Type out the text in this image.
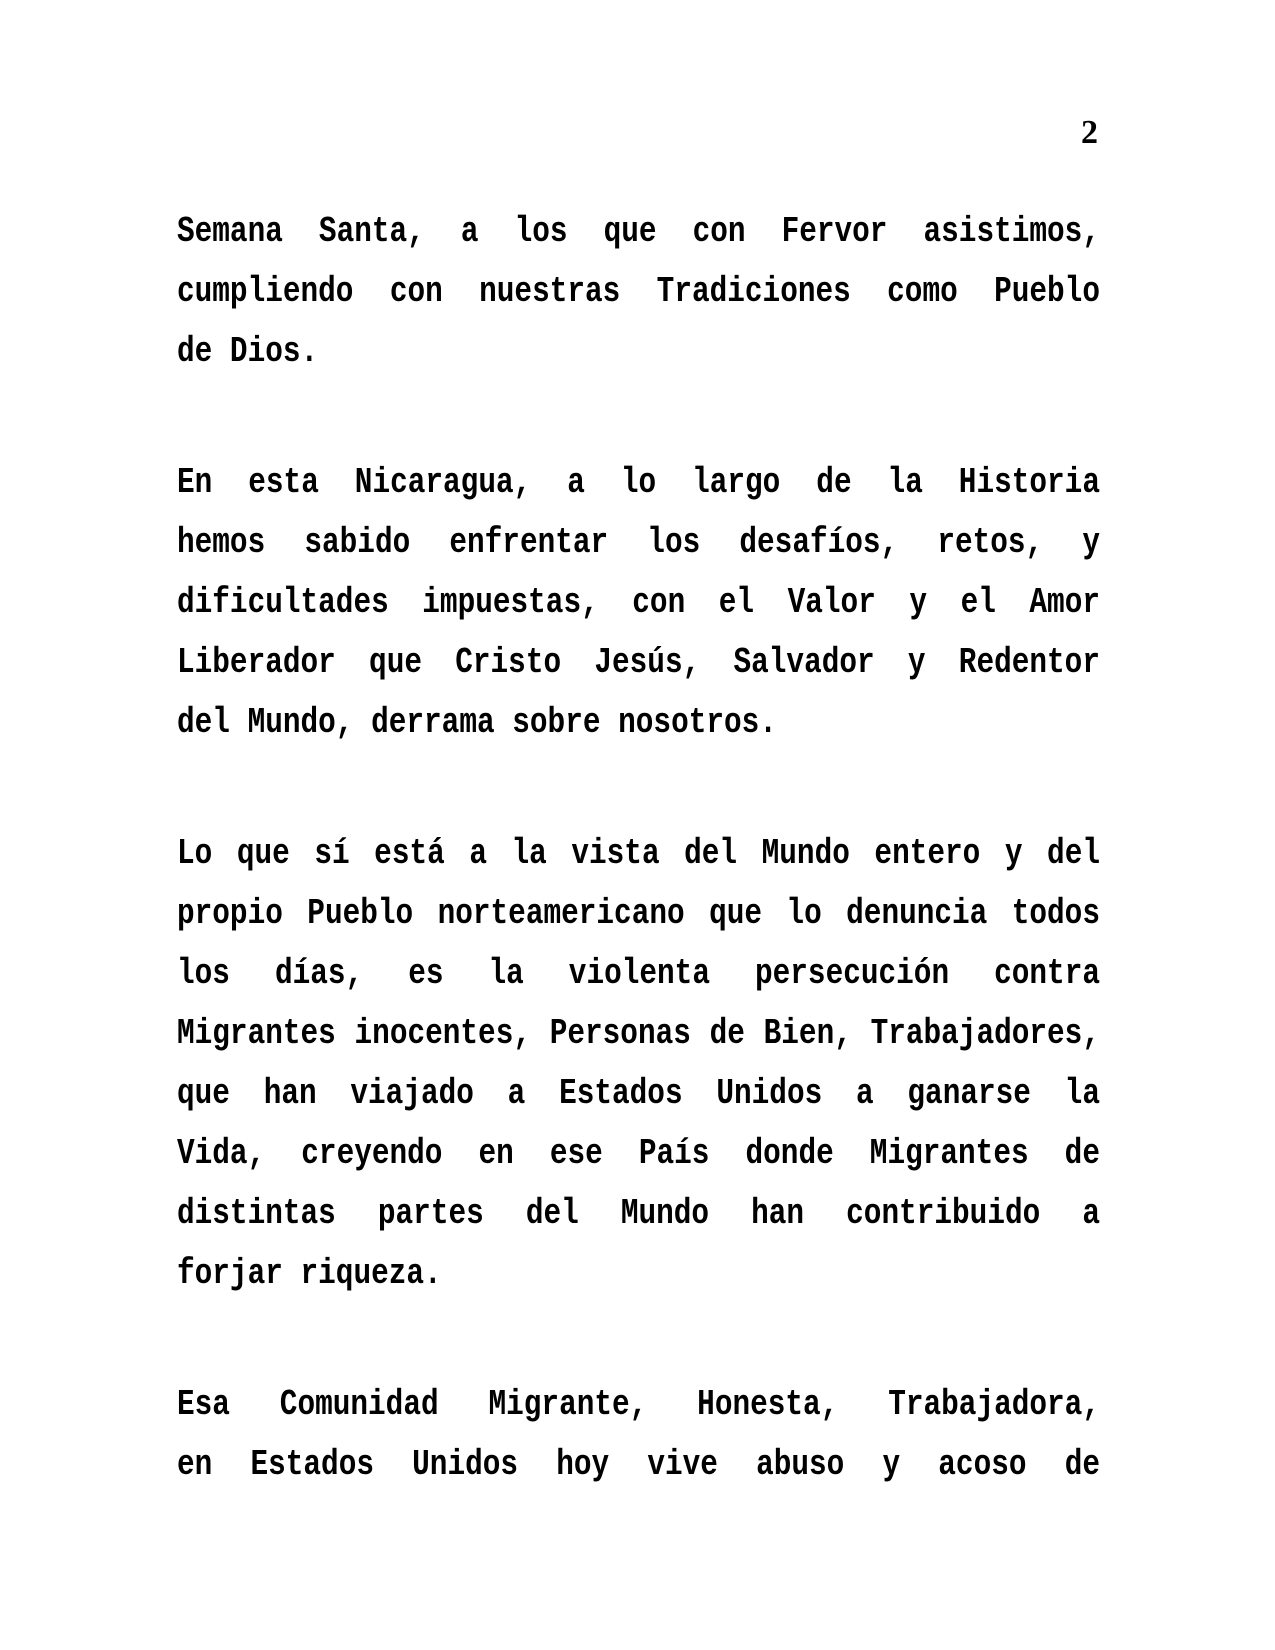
2
Semana Santa, a los que con Fervor asistimos,
cumpliendo con nuestras Tradiciones como Pueblo
de Dios.
En esta Nicaragua, a lo largo de la Historia
hemos sabido enfrentar los desafíos, retos, y
dificultades impuestas, con el Valor y el Amor
Liberador que Cristo Jesús, Salvador y Redentor
del Mundo, derrama sobre nosotros.
Lo que sí está a la vista del Mundo entero y del
propio Pueblo norteamericano que lo denuncia todos
los días, es la violenta persecución contra
Migrantes inocentes, Personas de Bien, Trabajadores,
que han viajado a Estados Unidos a ganarse la
Vida, creyendo en ese País donde Migrantes de
distintas partes del Mundo han contribuido a
forjar riqueza.
Esa Comunidad Migrante, Honesta, Trabajadora,
en Estados Unidos hoy vive abuso y acoso de
